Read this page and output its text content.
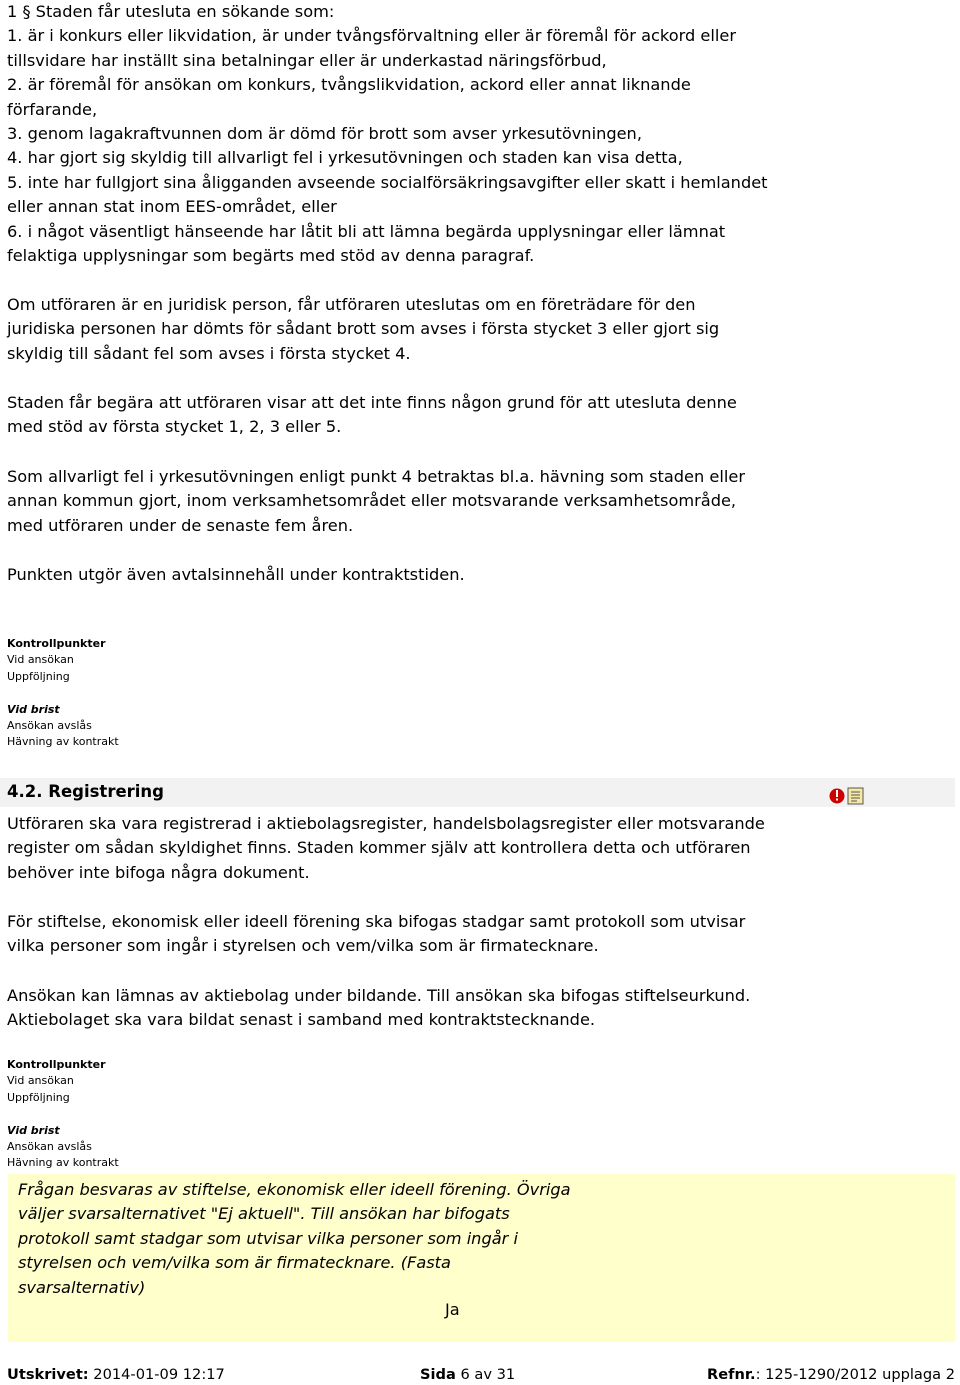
1 § Staden får utesluta en sökande som:
1. är i konkurs eller likvidation, är under tvångsförvaltning eller är föremål för ackord eller
tillsvidare har inställt sina betalningar eller är underkastad näringsförbud,
2. är föremål för ansökan om konkurs, tvångslikvidation, ackord eller annat liknande
förfarande,
3. genom lagakraftvunnen dom är dömd för brott som avser yrkesutövningen,
4. har gjort sig skyldig till allvarligt fel i yrkesutövningen och staden kan visa detta,
5. inte har fullgjort sina åligganden avseende socialförsäkringsavgifter eller skatt i hemlandet
eller annan stat inom EES-området, eller
6. i något väsentligt hänseende har låtit bli att lämna begärda upplysningar eller lämnat
felaktiga upplysningar som begärts med stöd av denna paragraf.

Om utföraren är en juridisk person, får utföraren uteslutas om en företrädare för den juridiska personen har dömts för sådant brott som avses i första stycket 3 eller gjort sig skyldig till sådant fel som avses i första stycket 4.

Staden får begära att utföraren visar att det inte finns någon grund för att utesluta denne med stöd av första stycket 1, 2, 3 eller 5.

Som allvarligt fel i yrkesutövningen enligt punkt 4 betraktas bl.a. hävning som staden eller annan kommun gjort, inom verksamhetsområdet eller motsvarande verksamhetsområde, med utföraren under de senaste fem åren.

Punkten utgör även avtalsinnehåll under kontraktstiden.

Kontrollpunkter
Vid ansökan
Uppföljning
Vid brist
Ansökan avslås
Hävning av kontrakt
4.2. Registrering

Utföraren ska vara registrerad i aktiebolagsregister, handelsbolagsregister eller motsvarande register om sådan skyldighet finns. Staden kommer själv att kontrollera detta och utföraren behöver inte bifoga några dokument.

För stiftelse, ekonomisk eller ideell förening ska bifogas stadgar samt protokoll som utvisar vilka personer som ingår i styrelsen och vem/vilka som är firmatecknare.

Ansökan kan lämnas av aktiebolag under bildande. Till ansökan ska bifogas stiftelseurkund. Aktiebolaget ska vara bildat senast i samband med kontraktstecknande.

Kontrollpunkter
Vid ansökan
Uppföljning
Vid brist
Ansökan avslås
Hävning av kontrakt
Frågan besvaras av stiftelse, ekonomisk eller ideell förening. Övriga väljer svarsalternativet "Ej aktuell". Till ansökan har bifogats protokoll samt stadgar som utvisar vilka personer som ingår i styrelsen och vem/vilka som är firmatecknare. (Fasta svarsalternativ)
Ja
Utskrivet: 2014-01-09 12:17	Sida 6 av 31	Refnr.: 125-1290/2012 upplaga 2
